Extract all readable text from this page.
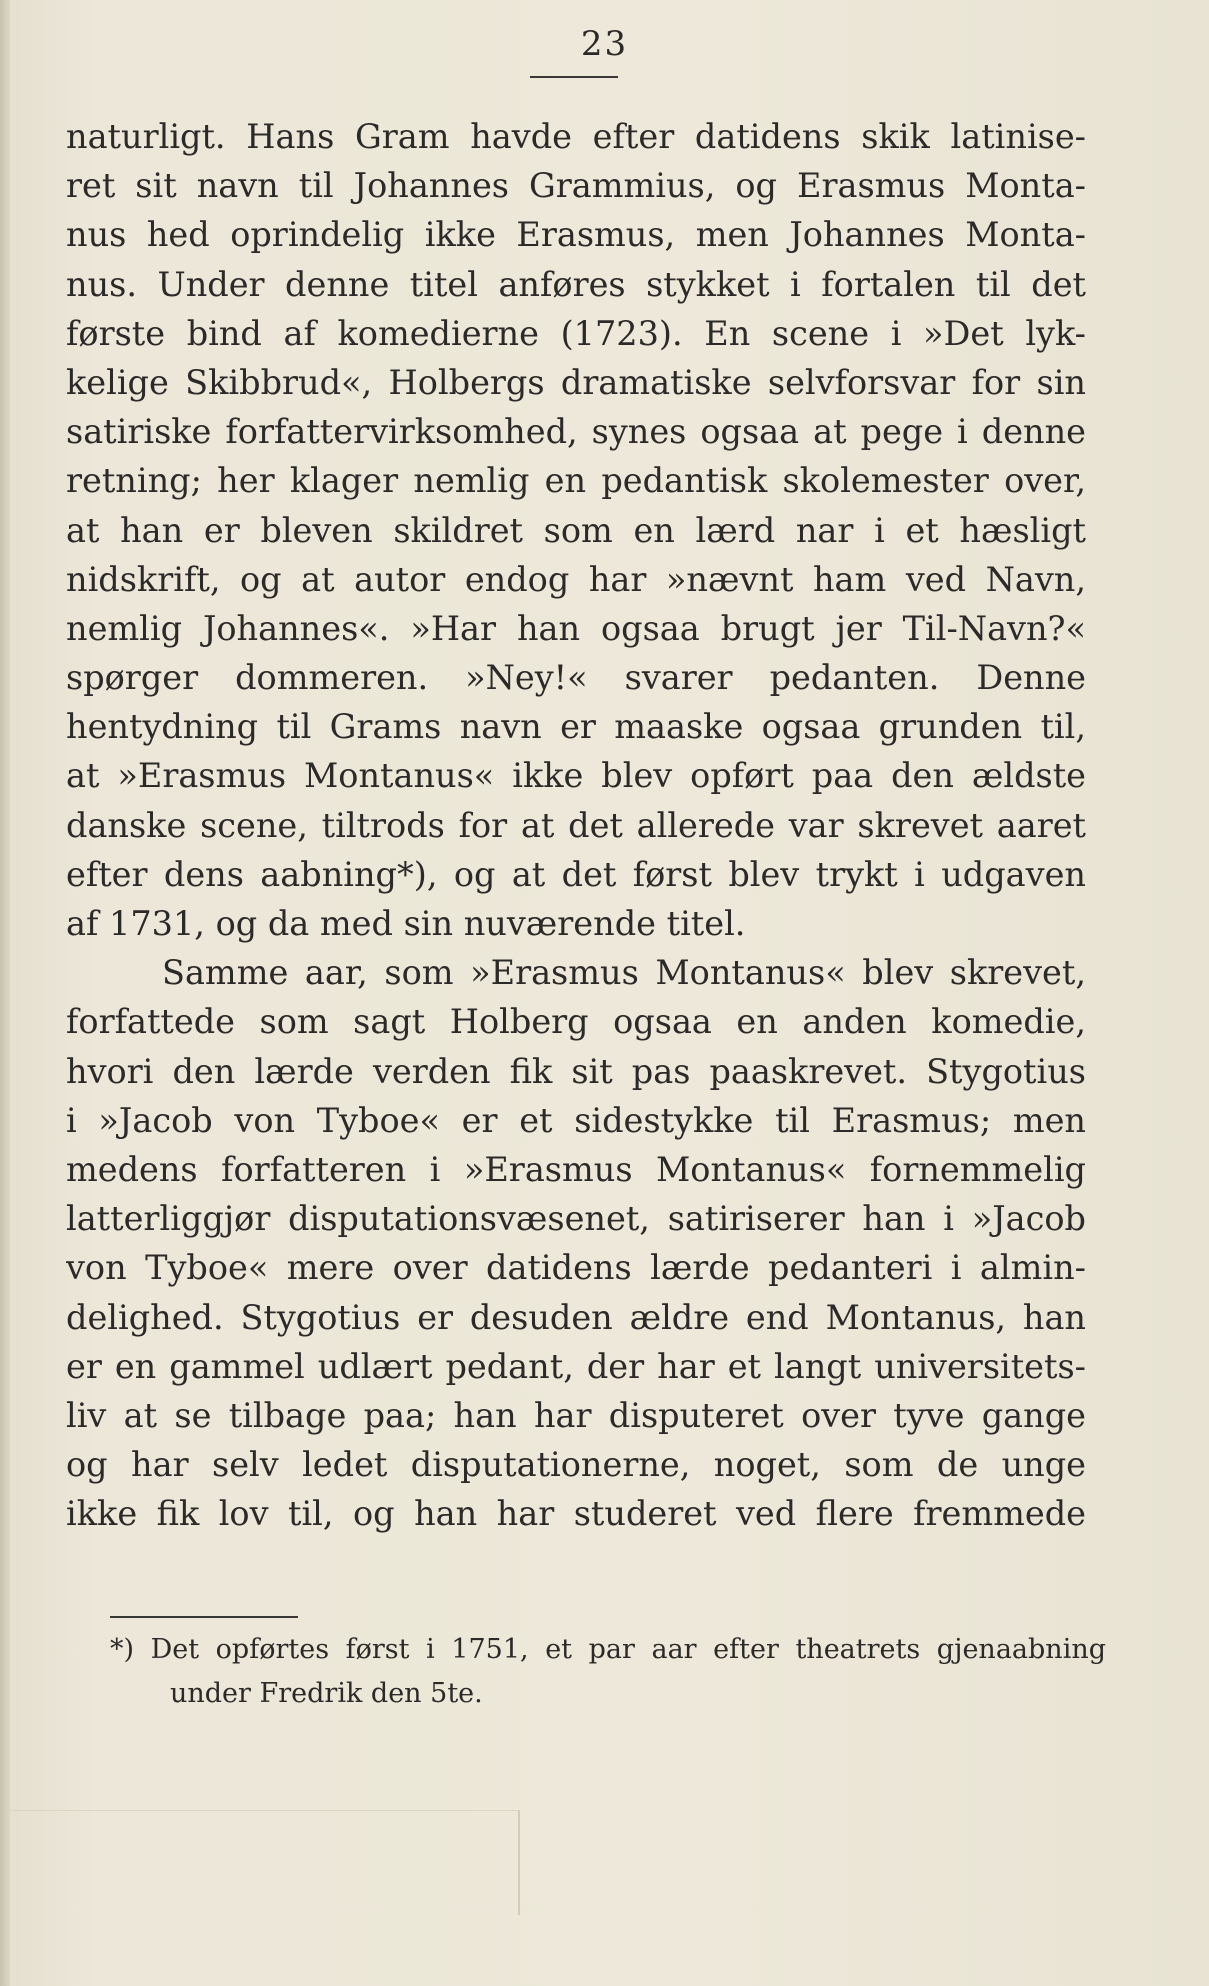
23
naturligt. Hans Gram havde efter datidens skik latinise-
ret sit navn til Johannes Grammius, og Erasmus Monta-
nus hed oprindelig ikke Erasmus, men Johannes Monta-
nus. Under denne titel anføres stykket i fortalen til det
første bind af komedierne (1723). En scene i »Det lyk-
kelige Skibbrud«, Holbergs dramatiske selvforsvar for sin
satiriske forfattervirksomhed, synes ogsaa at pege i denne
retning; her klager nemlig en pedantisk skolemester over,
at han er bleven skildret som en lærd nar i et hæsligt
nidskrift, og at autor endog har »nævnt ham ved Navn,
nemlig Johannes«. »Har han ogsaa brugt jer Til-Navn?«
spørger dommeren. »Ney!« svarer pedanten. Denne
hentydning til Grams navn er maaske ogsaa grunden til,
at »Erasmus Montanus« ikke blev opført paa den ældste
danske scene, tiltrods for at det allerede var skrevet aaret
efter dens aabning*), og at det først blev trykt i udgaven
af 1731, og da med sin nuværende titel.
Samme aar, som »Erasmus Montanus« blev skrevet,
forfattede som sagt Holberg ogsaa en anden komedie,
hvori den lærde verden fik sit pas paaskrevet. Stygotius
i »Jacob von Tyboe« er et sidestykke til Erasmus; men
medens forfatteren i »Erasmus Montanus« fornemmelig
latterliggjør disputationsvæsenet, satiriserer han i »Jacob
von Tyboe« mere over datidens lærde pedanteri i almin-
delighed. Stygotius er desuden ældre end Montanus, han
er en gammel udlært pedant, der har et langt universitets-
liv at se tilbage paa; han har disputeret over tyve gange
og har selv ledet disputationerne, noget, som de unge
ikke fik lov til, og han har studeret ved flere fremmede
*) Det opførtes først i 1751, et par aar efter theatrets gjenaabning
under Fredrik den 5te.
